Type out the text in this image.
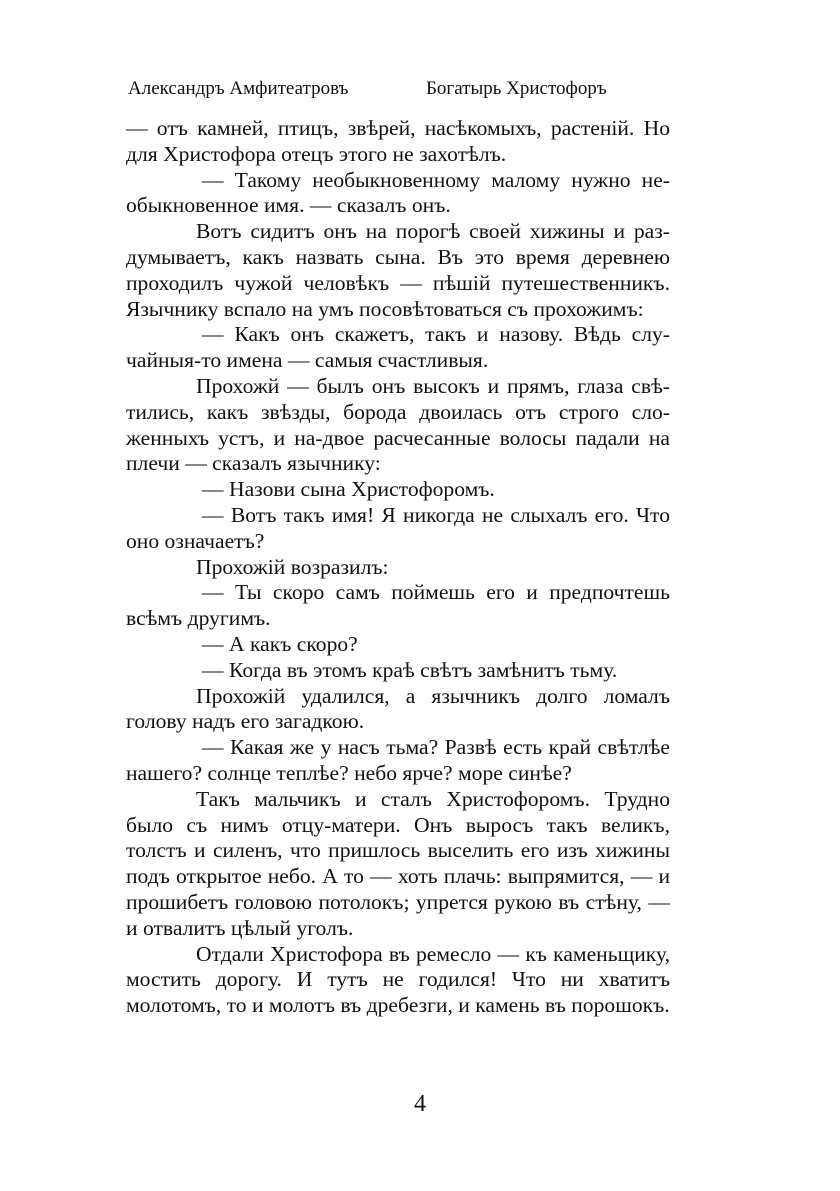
Александръ Амфитеатровъ	Богатырь Христофоръ

— отъ камней, птицъ, звѣрей, насѣкомыхъ, растеній. Но для Христофора отецъ этого не захотѣлъ.

— Такому необыкновенному малому нужно необыкновенное имя. — сказалъ онъ.

Вотъ сидитъ онъ на порогѣ своей хижины и раздумываетъ, какъ назвать сына. Въ это время деревнею проходилъ чужой человѣкъ — пѣшій путешественникъ. Язычнику вспало на умъ посовѣтоваться съ прохожимъ:

— Какъ онъ скажетъ, такъ и назову. Вѣдь случайныя-то имена — самыя счастливыя.

Прохожй — былъ онъ высокъ и прямъ, глаза свѣтились, какъ звѣзды, борода двоилась отъ строго сложенныхъ устъ, и на-двое расчесанные волосы падали на плечи — сказалъ язычнику:

— Назови сына Христофоромъ.

— Вотъ такъ имя! Я никогда не слыхалъ его. Что оно означаетъ?

Прохожій возразилъ:

— Ты скоро самъ поймешь его и предпочтешь всѣмъ другимъ.

— А какъ скоро?

— Когда въ этомъ краѣ свѣтъ замѣнитъ тьму.

Прохожій удалился, а язычникъ долго ломалъ голову надъ его загадкою.

— Какая же у насъ тьма? Развѣ есть край свѣтлѣе нашего? солнце теплѣе? небо ярче? море синѣе?

Такъ мальчикъ и сталъ Христофоромъ. Трудно было съ нимъ отцу-матери. Онъ выросъ такъ великъ, толстъ и силенъ, что пришлось выселить его изъ хижины подъ открытое небо. А то — хоть плачь: выпрямится, — и прошибетъ головою потолокъ; упрется рукою въ стѣну, — и отвалитъ цѣлый уголъ.

Отдали Христофора въ ремесло — къ каменьщику, мостить дорогу. И тутъ не годился! Что ни хватитъ молотомъ, то и молотъ въ дребезги, и камень въ порошокъ.

4
